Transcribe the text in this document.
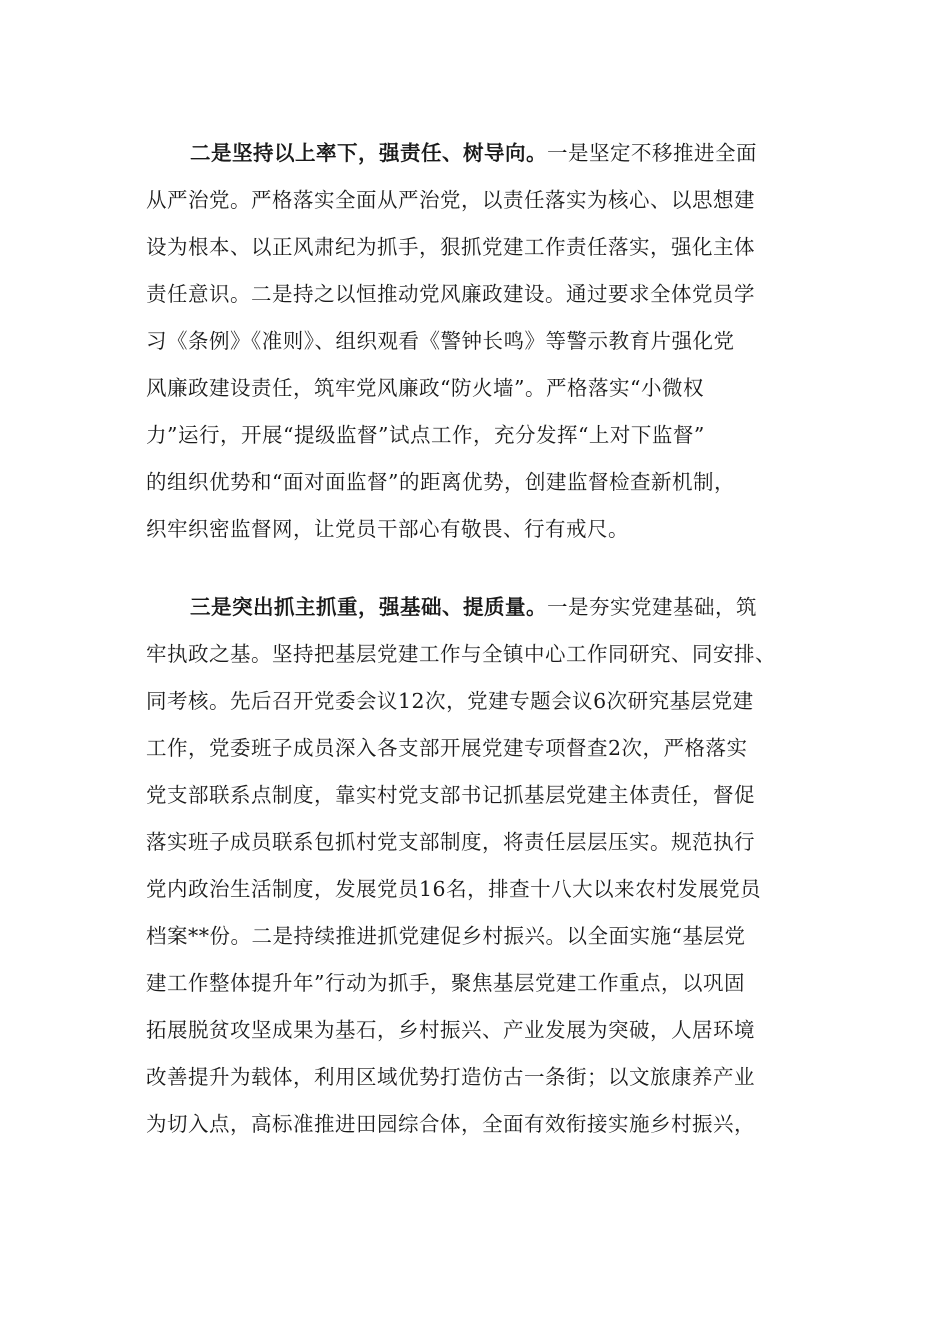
二是坚持以上率下，强责任、树导向。一是坚定不移推进全面
从严治党。严格落实全面从严治党，以责任落实为核心、以思想建
设为根本、以正风肃纪为抓手，狠抓党建工作责任落实，强化主体
责任意识。二是持之以恒推动党风廉政建设。通过要求全体党员学
习《条例》《准则》、组织观看《警钟长鸣》等警示教育片强化党
风廉政建设责任，筑牢党风廉政“防火墙”。严格落实“小微权
力”运行，开展“提级监督”试点工作，充分发挥“上对下监督”
的组织优势和“面对面监督”的距离优势，创建监督检查新机制，
织牢织密监督网，让党员干部心有敬畏、行有戒尺。
三是突出抓主抓重，强基础、提质量。一是夯实党建基础，筑
牢执政之基。坚持把基层党建工作与全镇中心工作同研究、同安排、
同考核。先后召开党委会议12次，党建专题会议6次研究基层党建
工作，党委班子成员深入各支部开展党建专项督查2次，严格落实
党支部联系点制度，靠实村党支部书记抓基层党建主体责任，督促
落实班子成员联系包抓村党支部制度，将责任层层压实。规范执行
党内政治生活制度，发展党员16名，排查十八大以来农村发展党员
档案**份。二是持续推进抓党建促乡村振兴。以全面实施“基层党
建工作整体提升年”行动为抓手，聚焦基层党建工作重点，以巩固
拓展脱贫攻坚成果为基石，乡村振兴、产业发展为突破，人居环境
改善提升为载体，利用区域优势打造仿古一条街；以文旅康养产业
为切入点，高标准推进田园综合体，全面有效衔接实施乡村振兴，
